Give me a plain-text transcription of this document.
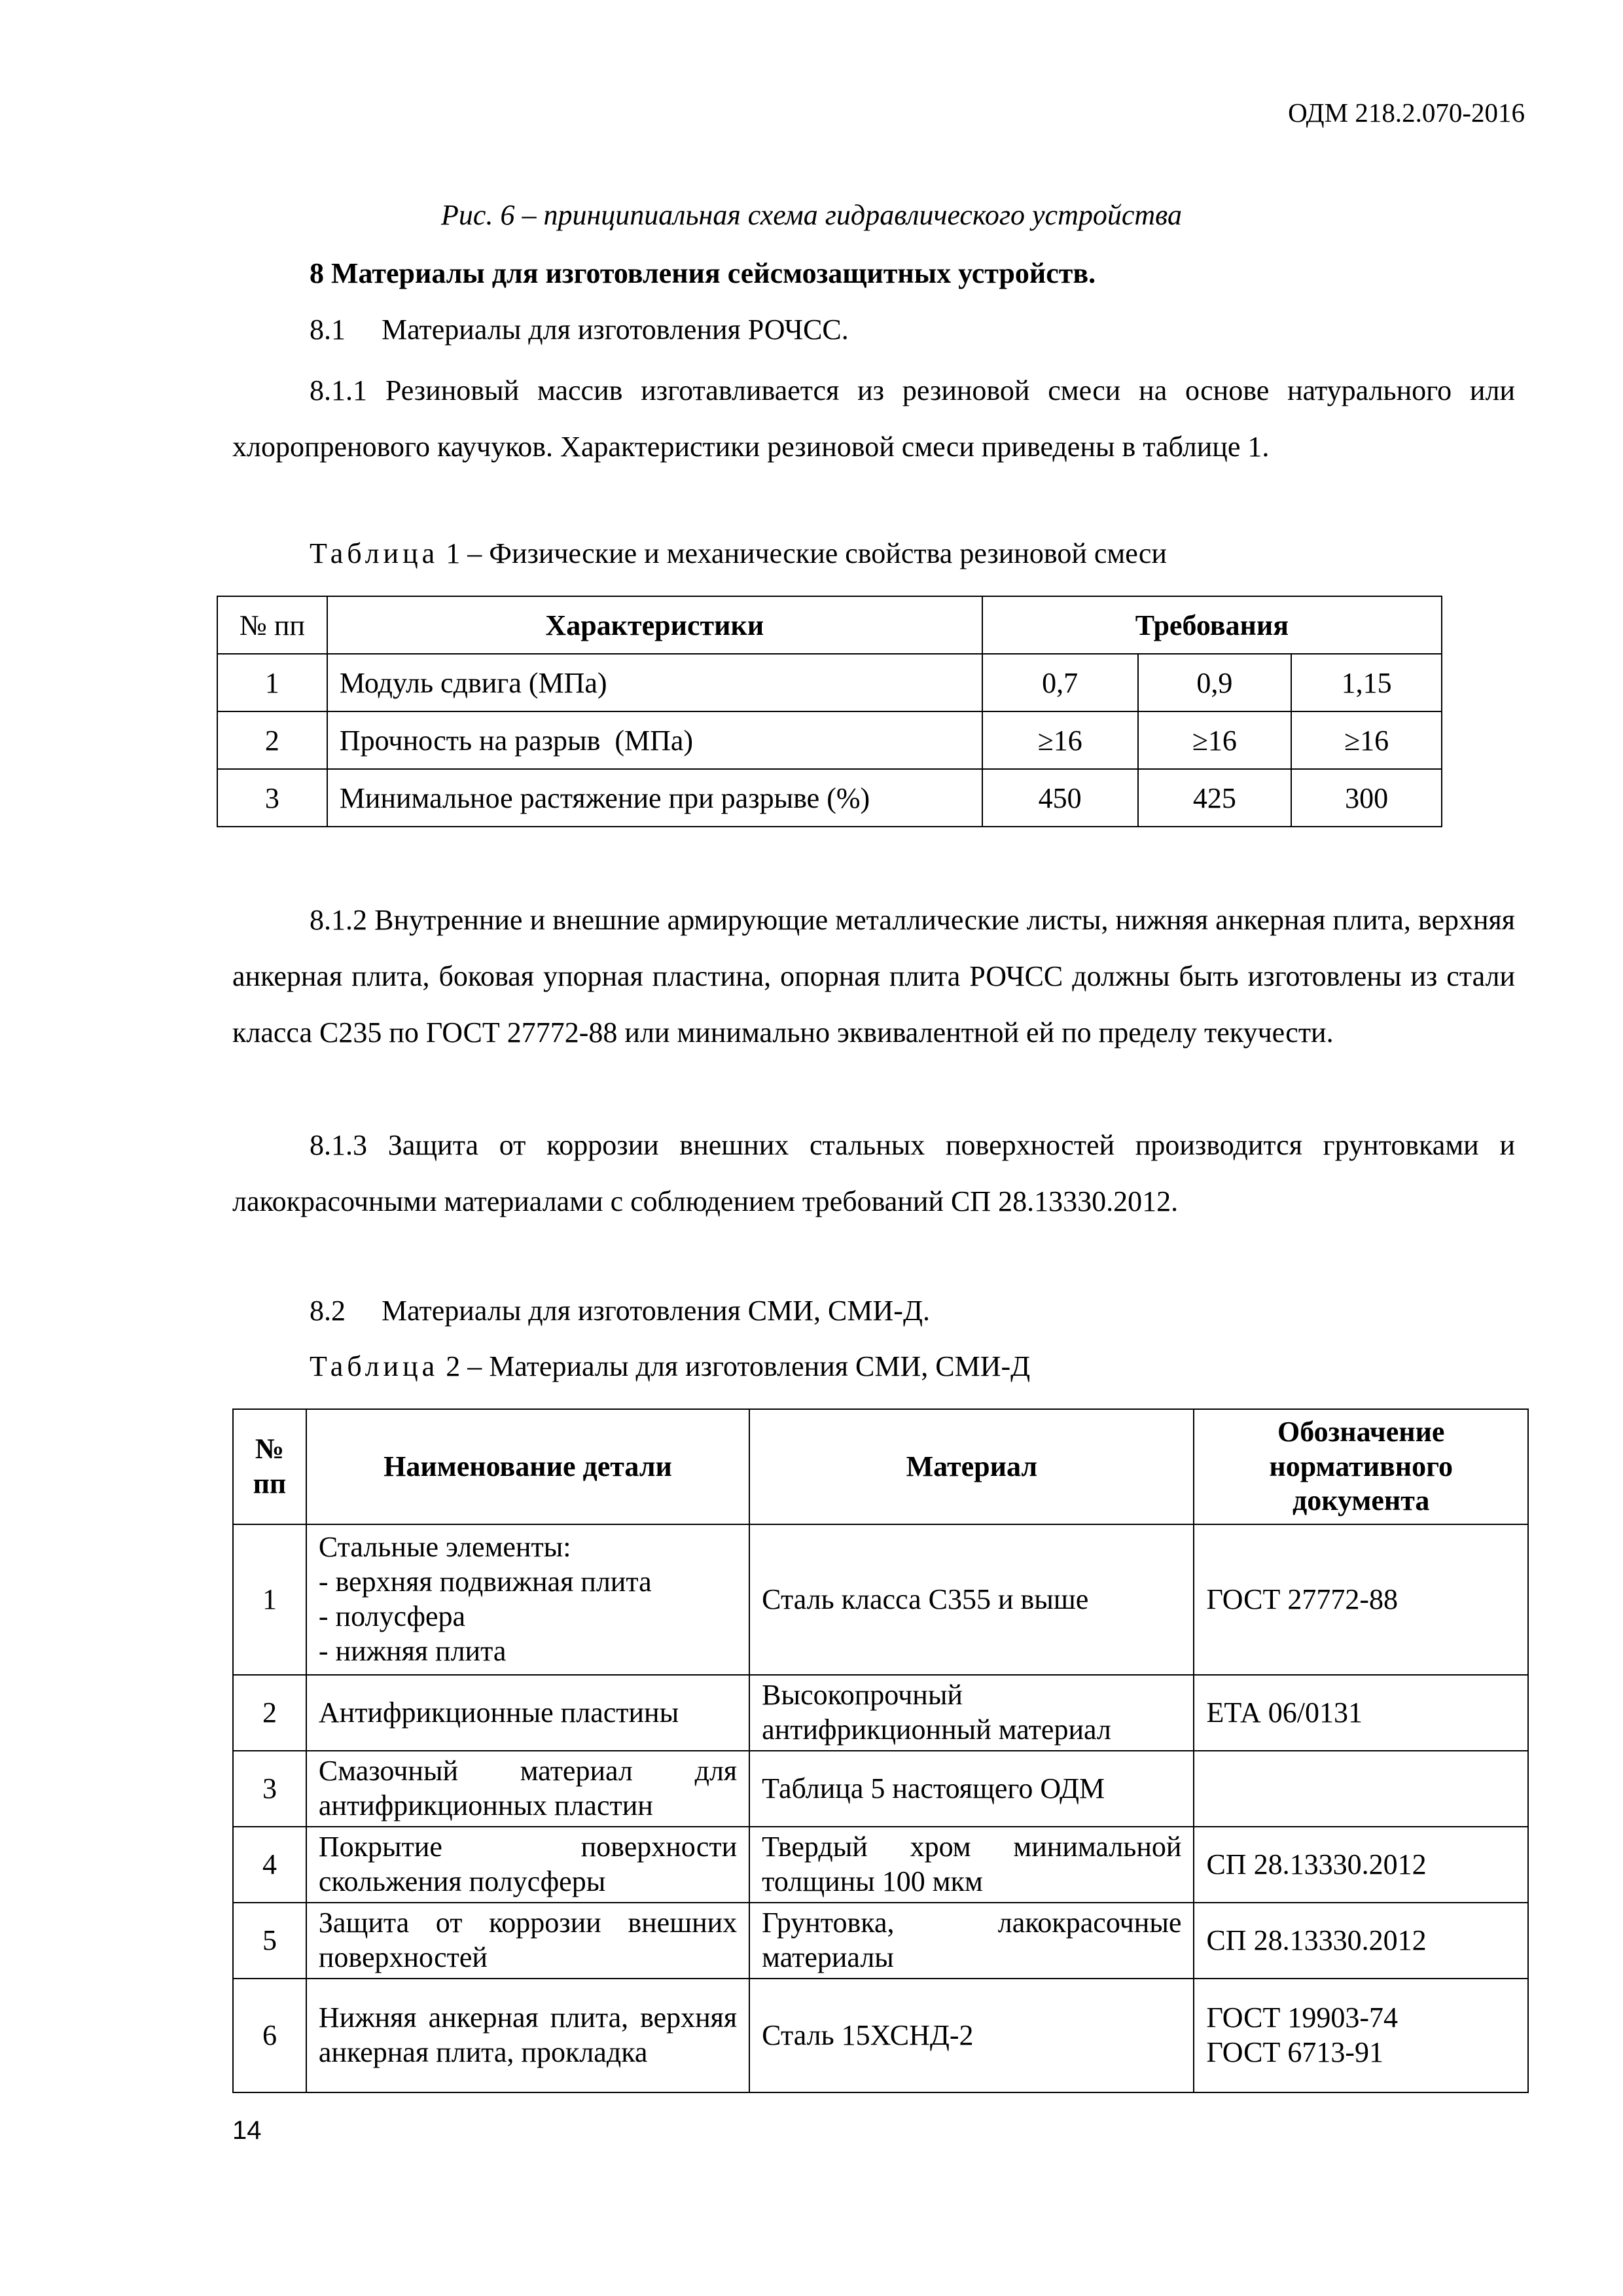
ОДМ 218.2.070-2016
Рис. 6 – принципиальная схема гидравлического устройства
8 Материалы для изготовления сейсмозащитных устройств.
8.1     Материалы для изготовления РОЧСС.
8.1.1 Резиновый массив изготавливается из резиновой смеси на основе натурального или хлоропренового каучуков. Характеристики резиновой смеси приведены в таблице 1.
Таблица 1 – Физические и механические свойства резиновой смеси
№ пп	Характеристики	Требования		
1	Модуль сдвига (МПа)	0,7	0,9	1,15
2	Прочность на разрыв  (МПа)	≥16	≥16	≥16
3	Минимальное растяжение при разрыве (%)	450	425	300
8.1.2 Внутренние и внешние армирующие металлические листы, нижняя анкерная плита, верхняя анкерная плита, боковая упорная пластина, опорная плита РОЧСС должны быть изготовлены из стали класса С235 по ГОСТ 27772-88 или минимально эквивалентной ей по пределу текучести.
8.1.3 Защита от коррозии внешних стальных поверхностей производится грунтовками и лакокрасочными материалами с соблюдением требований СП 28.13330.2012.
8.2     Материалы для изготовления СМИ, СМИ-Д.
Таблица 2 – Материалы для изготовления СМИ, СМИ-Д
№ пп	Наименование детали	Материал	Обозначение нормативного документа
1	Стальные элементы:
- верхняя подвижная плита
- полусфера
- нижняя плита	Сталь класса С355 и выше	ГОСТ 27772-88
2	Антифрикционные пластины	Высокопрочный антифрикционный материал	ЕТА 06/0131
3	Смазочный материал для антифрикционных пластин	Таблица 5 настоящего ОДМ	
4	Покрытие поверхности скольжения полусферы	Твердый хром минимальной толщины 100 мкм	СП 28.13330.2012
5	Защита от коррозии внешних поверхностей	Грунтовка, лакокрасочные материалы	СП 28.13330.2012
6	Нижняя анкерная плита, верхняя анкерная плита, прокладка	Сталь 15ХСНД-2	ГОСТ 19903-74
ГОСТ 6713-91
14
